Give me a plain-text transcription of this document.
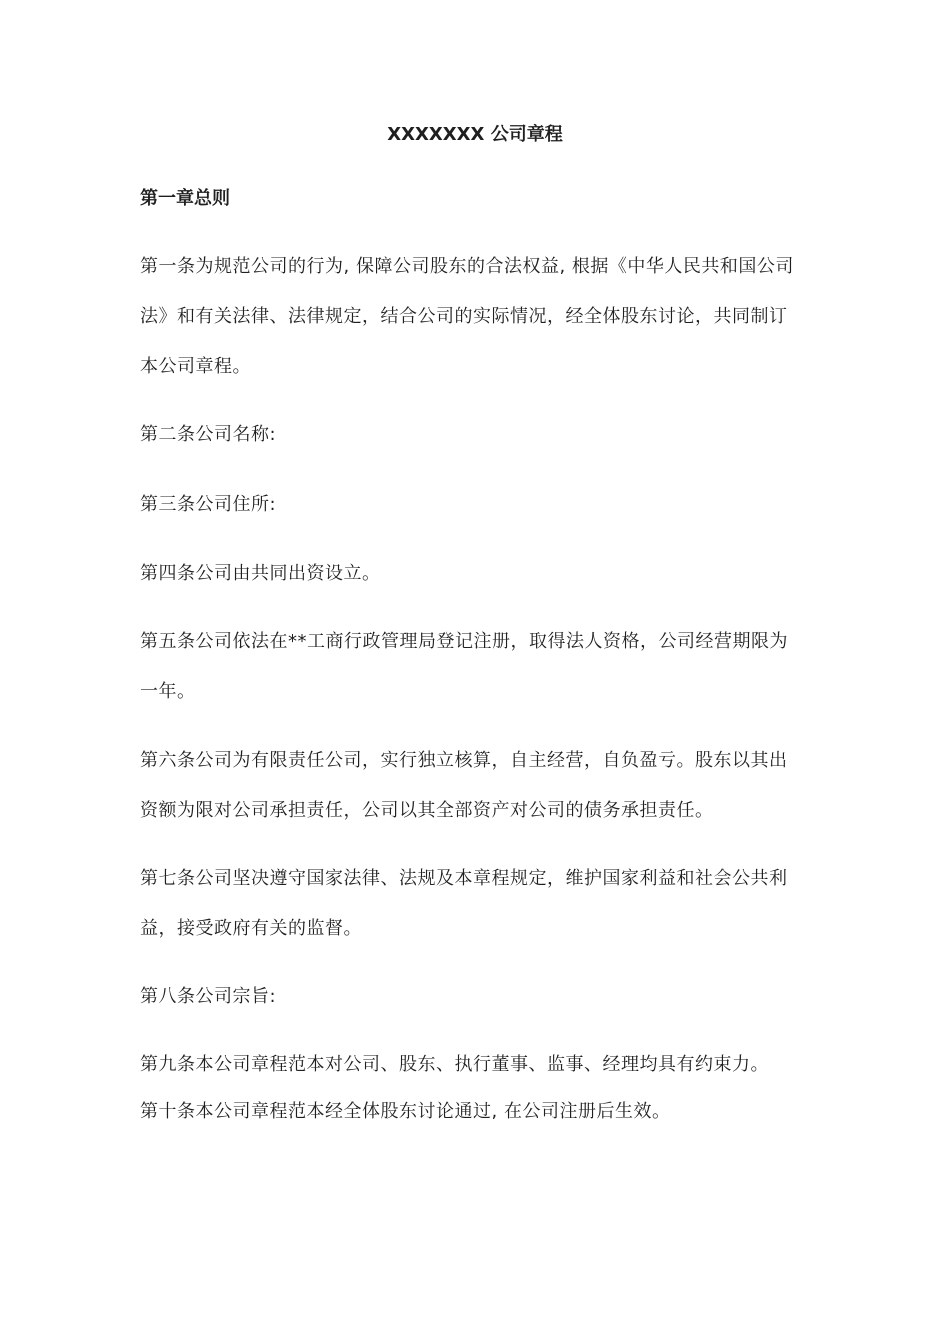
XXXXXXX 公司章程
第一章总则

第一条为规范公司的行为, 保障公司股东的合法权益, 根据《中华人民共和国公司法》和有关法律、法律规定，结合公司的实际情况，经全体股东讨论，共同制订本公司章程。

第二条公司名称:

第三条公司住所:

第四条公司由共同出资设立。

第五条公司依法在**工商行政管理局登记注册，取得法人资格，公司经营期限为一年。

第六条公司为有限责任公司，实行独立核算，自主经营，自负盈亏。股东以其出资额为限对公司承担责任，公司以其全部资产对公司的债务承担责任。

第七条公司坚决遵守国家法律、法规及本章程规定，维护国家利益和社会公共利益，接受政府有关的监督。

第八条公司宗旨:

第九条本公司章程范本对公司、股东、执行董事、监事、经理均具有约束力。

第十条本公司章程范本经全体股东讨论通过, 在公司注册后生效。
